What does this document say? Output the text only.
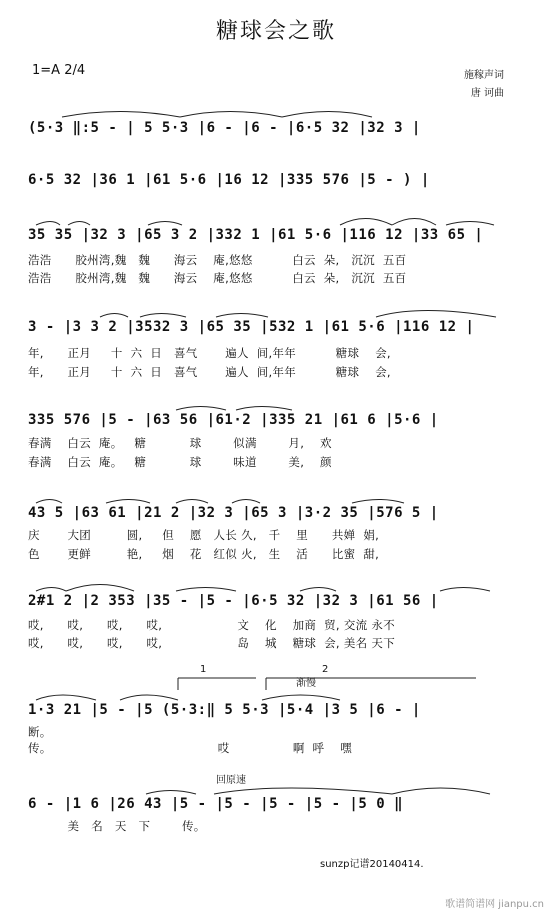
糖球会之歌
1=A 2/4	施稼声词
唐 诃曲
(5·3 ‖:5 - | 5 5·3 |6 - |6 - |6·5 32 |32 3 |
6·5 32 |36 1 |61 5·6 |16 12 |335 576 |5 - ) |
35 35 |32 3 |65 3 2 |332 1 |61 5·6 |116 12 |33 65 |
浩浩      胶州湾,魏   魏      海云    庵,悠悠          白云  朵,   沉沉  五百
浩浩      胶州湾,魏   魏      海云    庵,悠悠          白云  朵,   沉沉  五百
3 - |3 3 2 |3532 3 |65 35 |532 1 |61 5·6 |116 12 |
年,      正月     十  六  日   喜气       遍人  间,年年          糖球    会,
年,      正月     十  六  日   喜气       遍人  间,年年          糖球    会,
335 576 |5 - |63 56 |61·2 |335 21 |61 6 |5·6 |
春满    白云  庵。   糖           球        似满        月,    欢
春满    白云  庵。   糖           球        味道        美,    颜
43 5 |63 61 |21 2 |32 3 |65 3 |3·2 35 |576 5 |
庆       大团         圆,     但    愿   人长 久,   千    里      共婵  娟,
色       更鲜         艳,     烟    花   红似 火,   生    活      比蜜  甜,
2#1 2 |2 353 |35 - |5 - |6·5 32 |32 3 |61 56 |
哎,      哎,      哎,      哎,                   文    化    加商  贸, 交流 永不
哎,      哎,      哎,      哎,                   岛    城    糖球  会, 美名 天下
1	2
渐慢
1·3 21 |5 - |5 (5·3:‖ 5 5·3 |5·4 |3 5 |6 - |
断。
传。                                          哎                啊  呼    嘿
回原速
6 - |1 6 |26 43 |5 - |5 - |5 - |5 - |5 0 ‖
美   名   天   下        传。
sunzp记谱20140414.
歌谱简谱网 jianpu.cn
